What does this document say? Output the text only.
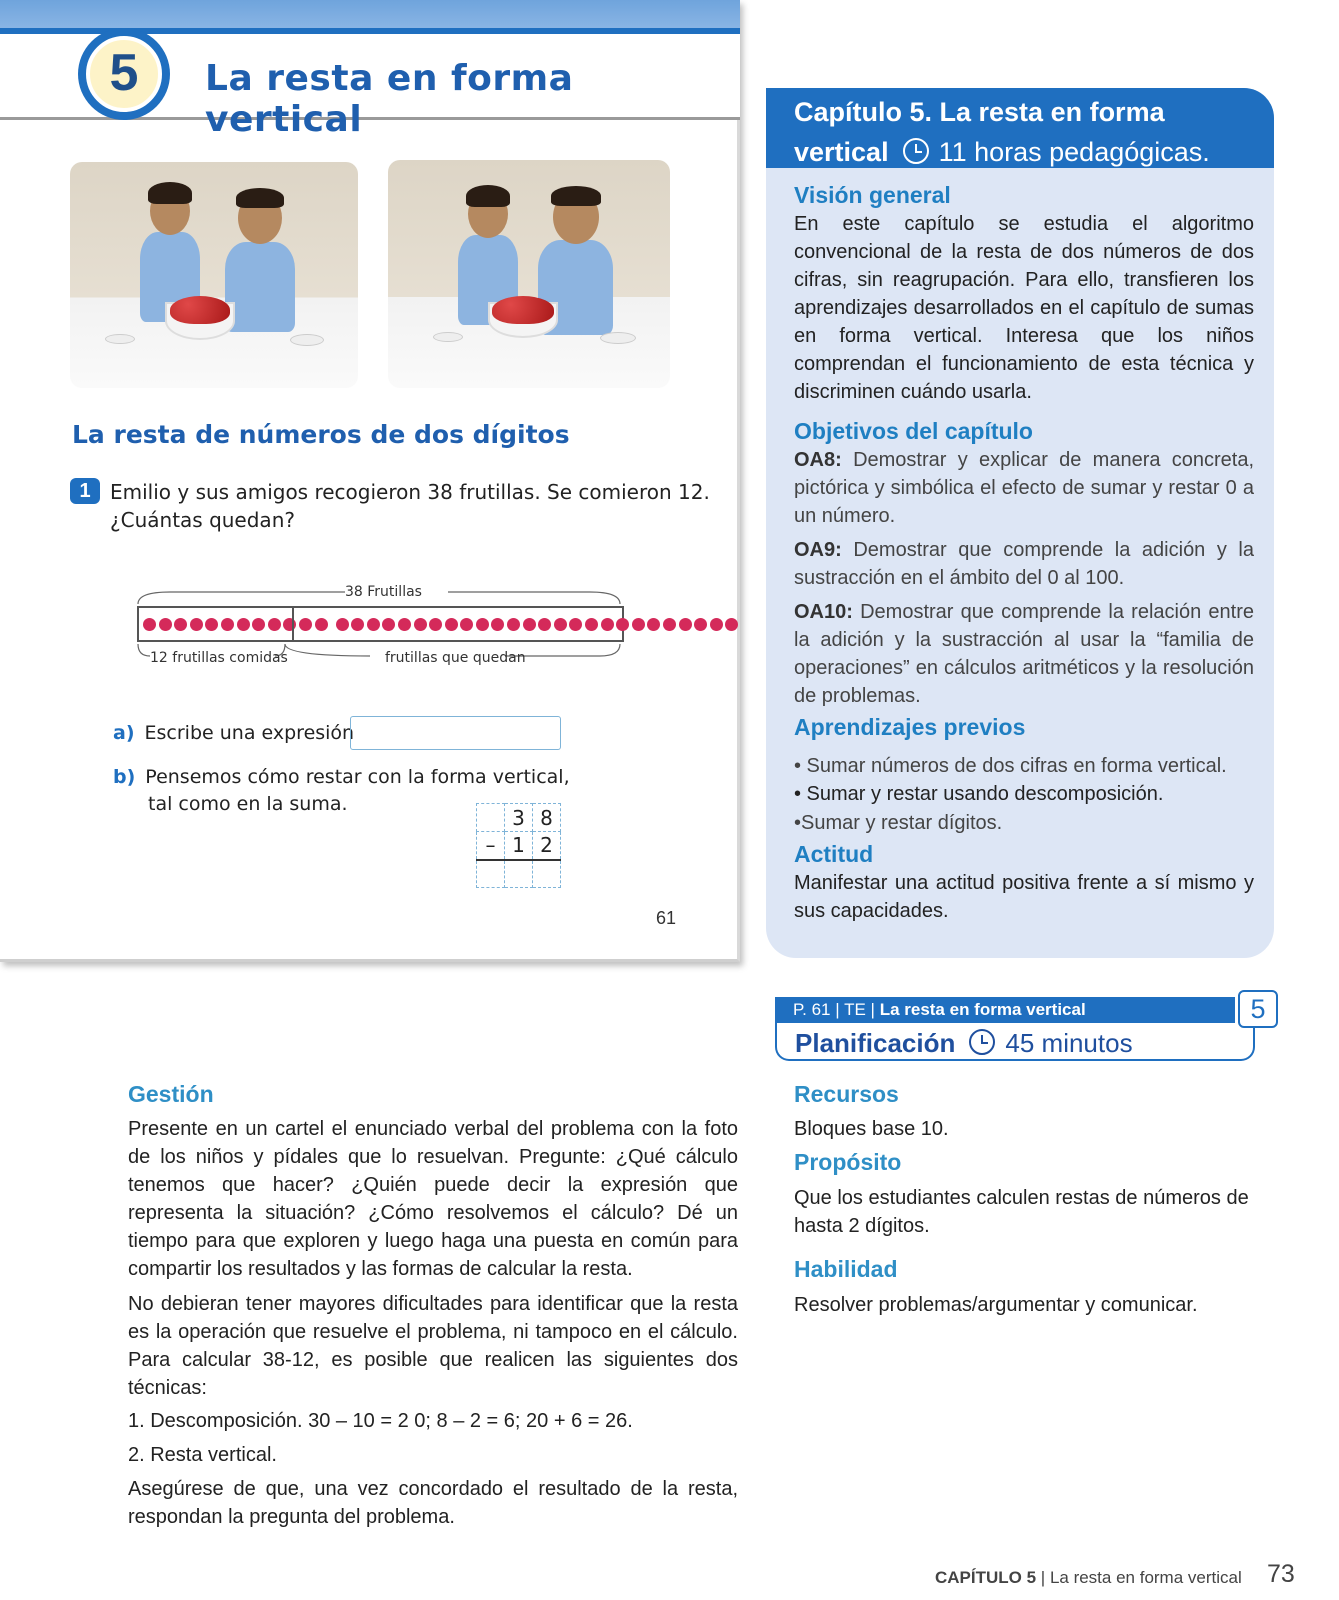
5	La resta en forma vertical
La resta de números de dos dígitos
1 Emilio y sus amigos recogieron 38 frutillas. Se comieron 12.
¿Cuántas quedan?
38 Frutillas
12 frutillas comidas	frutillas que quedan
a) Escribe una expresión
b) Pensemos cómo restar con la forma vertical,
tal como en la suma.
	3	8
–	1	2

61
Capítulo 5. La resta en forma
vertical 11 horas pedagógicas.
Visión general
En este capítulo se estudia el algoritmo convencional de la resta de dos números de dos cifras, sin reagrupación. Para ello, transfieren los aprendizajes desarrollados en el capítulo de sumas en forma vertical. Interesa que los niños comprendan el funcionamiento de esta técnica y discriminen cuándo usarla.
Objetivos del capítulo
OA8: Demostrar y explicar de manera concreta, pictórica y simbólica el efecto de sumar y restar 0 a un número.
OA9: Demostrar que comprende la adición y la sustracción en el ámbito del 0 al 100.
OA10: Demostrar que comprende la relación entre la adición y la sustracción al usar la “familia de operaciones” en cálculos aritméticos y la resolución de problemas.
Aprendizajes previos
• Sumar números de dos cifras en forma vertical.
• Sumar y restar usando descomposición.
•Sumar y restar dígitos.
Actitud
Manifestar una actitud positiva frente a sí mismo y sus capacidades.
P. 61 | TE | La resta en forma vertical	5
Planificación 45 minutos
Recursos
Bloques base 10.
Propósito
Que los estudiantes calculen restas de números de hasta 2 dígitos.
Habilidad
Resolver problemas/argumentar y comunicar.
Gestión
Presente en un cartel el enunciado verbal del problema con la foto de los niños y pídales que lo resuelvan. Pregunte: ¿Qué cálculo tenemos que hacer? ¿Quién puede decir la expresión que representa la situación? ¿Cómo resolvemos el cálculo? Dé un tiempo para que exploren y luego haga una puesta en común para compartir los resultados y las formas de calcular la resta.
No debieran tener mayores dificultades para identificar que la resta es la operación que resuelve el problema, ni tampoco en el cálculo. Para calcular 38-12, es posible que realicen las siguientes dos técnicas:
1. Descomposición. 30 – 10 = 2 0; 8 – 2 = 6; 20 + 6 = 26.
2. Resta vertical.
Asegúrese de que, una vez concordado el resultado de la resta, respondan la pregunta del problema.
CAPÍTULO 5 | La resta en forma vertical 73
